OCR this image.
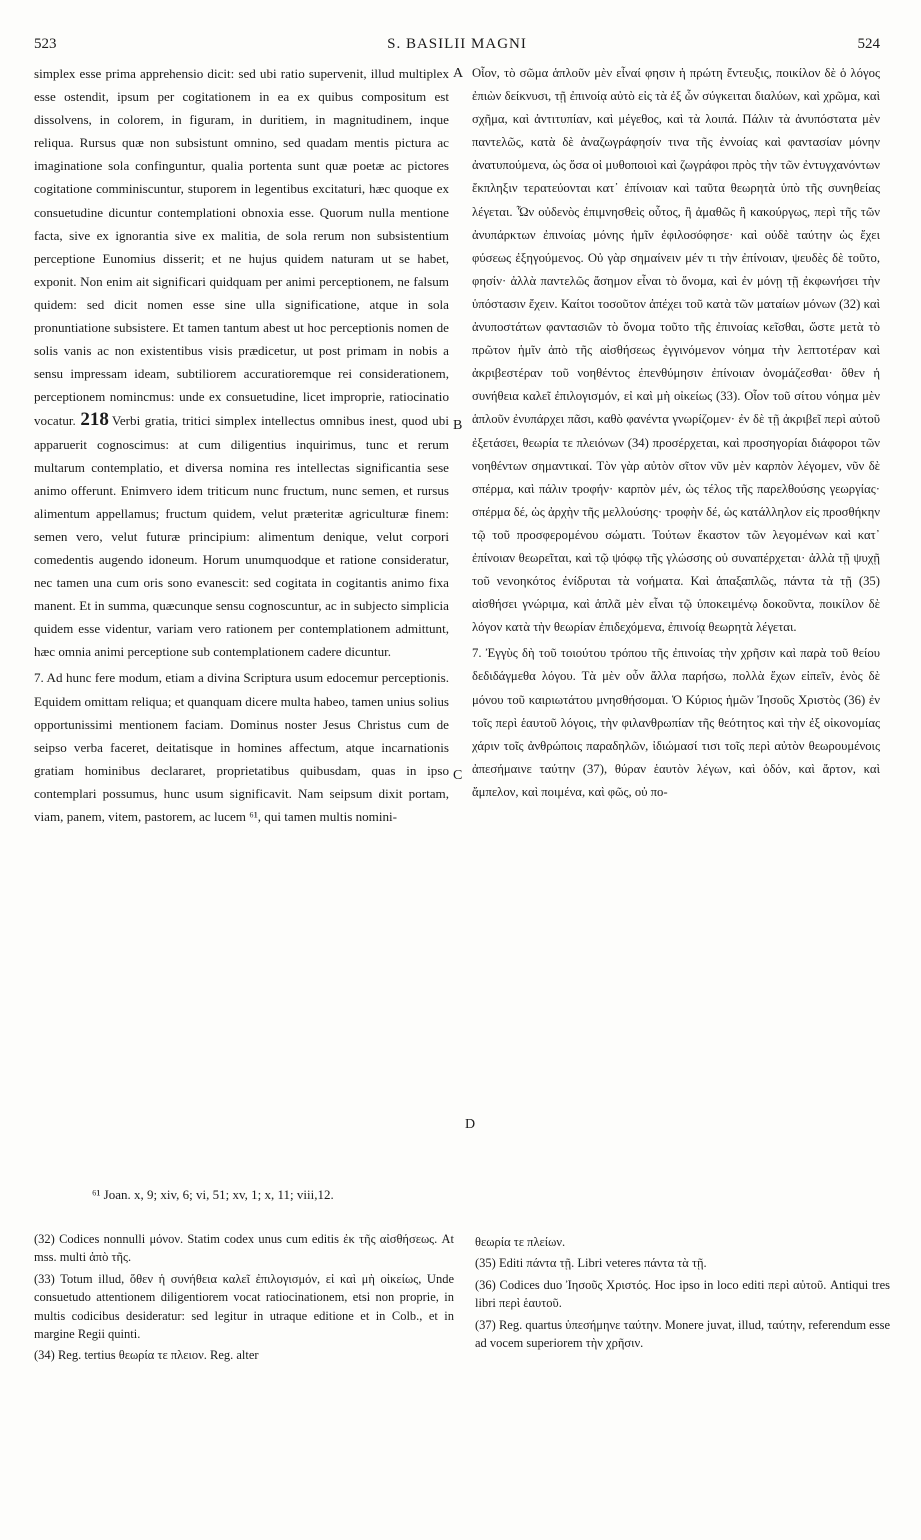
523	S. BASILII MAGNI	524

simplex esse prima apprehensio dicit: sed ubi ratio supervenit, illud multiplex esse ostendit, ipsum per cogitationem in ea ex quibus compositum est dissolvens, in colorem, in figuram, in duritiem, in magnitudinem, inque reliqua. Rursus quæ non subsistunt omnino, sed quadam mentis pictura ac imaginatione sola confinguntur, qualia portenta sunt quæ poetæ ac pictores cogitatione comminiscuntur, stuporem in legentibus excitaturi, hæc quoque ex consuetudine dicuntur contemplationi obnoxia esse. Quorum nulla mentione facta, sive ex ignorantia sive ex malitia, de sola rerum non subsistentium perceptione Eunomius disserit; et ne hujus quidem naturam ut se habet, exponit. Non enim ait significari quidquam per animi perceptionem, ne falsum quidem: sed dicit nomen esse sine ulla significatione, atque in sola pronuntiatione subsistere. Et tamen tantum abest ut hoc perceptionis nomen de solis vanis ac non existentibus visis prædicetur, ut post primam in nobis a sensu impressam ideam, subtiliorem accuratioremque rei considerationem, perceptionem nomincmus: unde ex consuetudine, licet improprie, ratiocinatio vocatur. 218 Verbi gratia, tritici simplex intellectus omnibus inest, quod ubi apparuerit cognoscimus: at cum diligentius inquirimus, tunc et rerum multarum contemplatio, et diversa nomina res intellectas significantia sese animo offerunt. Enimvero idem triticum nunc fructum, nunc semen, et rursus alimentum appellamus; fructum quidem, velut præteritæ agriculturæ finem: semen vero, velut futuræ principium: alimentum denique, velut corpori comedentis augendo idoneum. Horum unumquodque et ratione consideratur, nec tamen una cum oris sono evanescit: sed cogitata in cogitantis animo fixa manent. Et in summa, quæcunque sensu cognoscuntur, ac in subjecto simplicia quidem esse videntur, variam vero rationem per contemplationem admittunt, hæc omnia animi perceptione sub contemplationem cadere dicuntur.

7. Ad hunc fere modum, etiam a divina Scriptura usum edocemur perceptionis. Equidem omittam reliqua; et quanquam dicere multa habeo, tamen unius solius opportunissimi mentionem faciam. Dominus noster Jesus Christus cum de seipso verba faceret, deitatisque in homines affectum, atque incarnationis gratiam hominibus declararet, proprietatibus quibusdam, quas in ipso contemplari possumus, hunc usum significavit. Nam seipsum dixit portam, viam, panem, vitem, pastorem, ac lucem ⁶¹, qui tamen multis nomini-

A
B
C
D

Οἷον, τὸ σῶμα ἁπλοῦν μὲν εἶναί φησιν ἡ πρώτη ἔντευξις, ποικίλον δὲ ὁ λόγος ἐπιὼν δείκνυσι, τῇ ἐπινοίᾳ αὐτὸ εἰς τὰ ἐξ ὧν σύγκειται διαλύων, καὶ χρῶμα, καὶ σχῆμα, καὶ ἀντιτυπίαν, καὶ μέγεθος, καὶ τὰ λοιπά. Πάλιν τὰ ἀνυπόστατα μὲν παντελῶς, κατὰ δὲ ἀναζωγράφησίν τινα τῆς ἐννοίας καὶ φαντασίαν μόνην ἀνατυπούμενα, ὡς ὅσα οἱ μυθοποιοὶ καὶ ζωγράφοι πρὸς τὴν τῶν ἐντυγχανόντων ἔκπληξιν τερατεύονται κατ᾽ ἐπίνοιαν καὶ ταῦτα θεωρητὰ ὑπὸ τῆς συνηθείας λέγεται. Ὧν οὐδενὸς ἐπιμνησθεὶς οὗτος, ἢ ἀμαθῶς ἢ κακούργως, περὶ τῆς τῶν ἀνυπάρκτων ἐπινοίας μόνης ἡμῖν ἐφιλοσόφησε· καὶ οὐδὲ ταύτην ὡς ἔχει φύσεως ἐξηγούμενος. Οὐ γὰρ σημαίνειν μέν τι τὴν ἐπίνοιαν, ψευδὲς δὲ τοῦτο, φησίν· ἀλλὰ παντελῶς ἄσημον εἶναι τὸ ὄνομα, καὶ ἐν μόνῃ τῇ ἐκφωνήσει τὴν ὑπόστασιν ἔχειν. Καίτοι τοσοῦτον ἀπέχει τοῦ κατὰ τῶν ματαίων μόνων (32) καὶ ἀνυποστάτων φαντασιῶν τὸ ὄνομα τοῦτο τῆς ἐπινοίας κεῖσθαι, ὥστε μετὰ τὸ πρῶτον ἡμῖν ἀπὸ τῆς αἰσθήσεως ἐγγινόμενον νόημα τὴν λεπτοτέραν καὶ ἀκριβεστέραν τοῦ νοηθέντος ἐπενθύμησιν ἐπίνοιαν ὀνομάζεσθαι· ὅθεν ἡ συνήθεια καλεῖ ἐπιλογισμόν, εἰ καὶ μὴ οἰκείως (33). Οἷον τοῦ σίτου νόημα μὲν ἁπλοῦν ἐνυπάρχει πᾶσι, καθὸ φανέντα γνωρίζομεν· ἐν δὲ τῇ ἀκριβεῖ περὶ αὐτοῦ ἐξετάσει, θεωρία τε πλειόνων (34) προσέρχεται, καὶ προσηγορίαι διάφοροι τῶν νοηθέντων σημαντικαί. Τὸν γὰρ αὐτὸν σῖτον νῦν μὲν καρπὸν λέγομεν, νῦν δὲ σπέρμα, καὶ πάλιν τροφήν· καρπὸν μέν, ὡς τέλος τῆς παρελθούσης γεωργίας· σπέρμα δέ, ὡς ἀρχὴν τῆς μελλούσης· τροφὴν δέ, ὡς κατάλληλον εἰς προσθήκην τῷ τοῦ προσφερομένου σώματι. Τούτων ἕκαστον τῶν λεγομένων καὶ κατ᾽ ἐπίνοιαν θεωρεῖται, καὶ τῷ ψόφῳ τῆς γλώσσης οὐ συναπέρχεται· ἀλλὰ τῇ ψυχῇ τοῦ νενοηκότος ἐνίδρυται τὰ νοήματα. Καὶ ἁπαξαπλῶς, πάντα τὰ τῇ (35) αἰσθήσει γνώριμα, καὶ ἁπλᾶ μὲν εἶναι τῷ ὑποκειμένῳ δοκοῦντα, ποικίλον δὲ λόγον κατὰ τὴν θεωρίαν ἐπιδεχόμενα, ἐπινοίᾳ θεωρητὰ λέγεται.

7. Ἐγγὺς δὴ τοῦ τοιούτου τρόπου τῆς ἐπινοίας τὴν χρῆσιν καὶ παρὰ τοῦ θείου δεδιδάγμεθα λόγου. Τὰ μὲν οὖν ἄλλα παρήσω, πολλὰ ἔχων εἰπεῖν, ἑνὸς δὲ μόνου τοῦ καιριωτάτου μνησθήσομαι. Ὁ Κύριος ἡμῶν Ἰησοῦς Χριστὸς (36) ἐν τοῖς περὶ ἑαυτοῦ λόγοις, τὴν φιλανθρωπίαν τῆς θεότητος καὶ τὴν ἐξ οἰκονομίας χάριν τοῖς ἀνθρώποις παραδηλῶν, ἰδιώμασί τισι τοῖς περὶ αὐτὸν θεωρουμένοις ἀπεσήμαινε ταύτην (37), θύραν ἑαυτὸν λέγων, καὶ ὁδόν, καὶ ἄρτον, καὶ ἄμπελον, καὶ ποιμένα, καὶ φῶς, οὐ πο-

⁶¹ Joan. x, 9; xiv, 6; vi, 51; xv, 1; x, 11; viii,12.

(32) Codices nonnulli μόνον. Statim codex unus cum editis ἐκ τῆς αἰσθήσεως. At mss. multi ἀπὸ τῆς.

(33) Totum illud, ὅθεν ἡ συνήθεια καλεῖ ἐπιλογισμόν, εἰ καὶ μὴ οἰκείως, Unde consuetudo attentionem diligentiorem vocat ratiocinationem, etsi non proprie, in multis codicibus desideratur: sed legitur in utraque editione et in Colb., et in margine Regii quinti.

(34) Reg. tertius θεωρία τε πλειον. Reg. alter

θεωρία τε πλείων.

(35) Editi πάντα τῇ. Libri veteres πάντα τὰ τῇ.

(36) Codices duo Ἰησοῦς Χριστός. Hoc ipso in loco editi περὶ αὐτοῦ. Antiqui tres libri περὶ ἑαυτοῦ.

(37) Reg. quartus ὑπεσήμηνε ταύτην. Monere juvat, illud, ταύτην, referendum esse ad vocem superiorem τὴν χρῆσιν.
